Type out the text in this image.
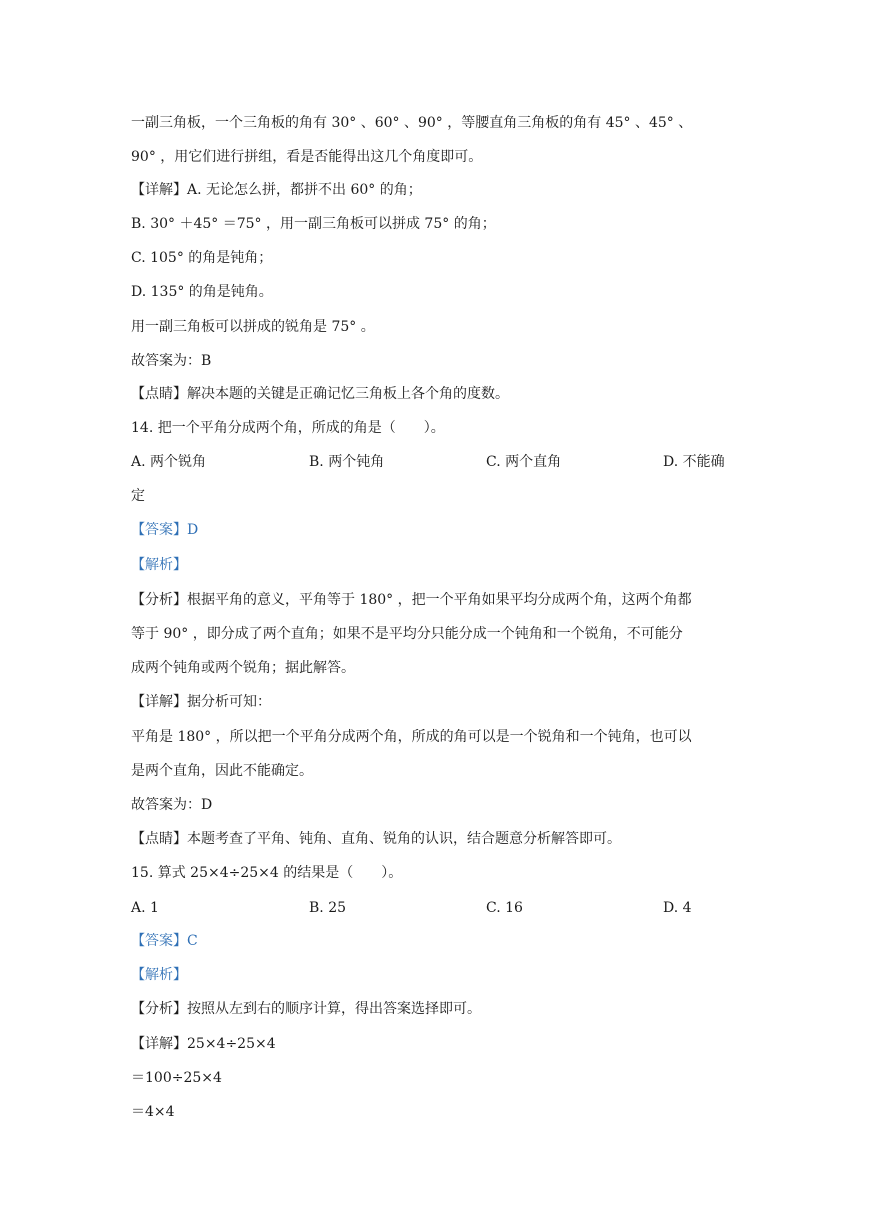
一副三角板，一个三角板的角有 30° 、60° 、90° ，等腰直角三角板的角有 45° 、45° 、
90° ，用它们进行拼组，看是否能得出这几个角度即可。
【详解】A. 无论怎么拼，都拼不出 60° 的角；
B. 30° ＋45° ＝75° ，用一副三角板可以拼成 75° 的角；
C. 105° 的角是钝角；
D. 135° 的角是钝角。
用一副三角板可以拼成的锐角是 75° 。
故答案为：B
【点睛】解决本题的关键是正确记忆三角板上各个角的度数。
14. 把一个平角分成两个角，所成的角是（　　）。
A. 两个锐角	B. 两个钝角	C. 两个直角	D. 不能确
定
【答案】D
【解析】
【分析】根据平角的意义，平角等于 180° ，把一个平角如果平均分成两个角，这两个角都
等于 90° ，即分成了两个直角；如果不是平均分只能分成一个钝角和一个锐角，不可能分
成两个钝角或两个锐角；据此解答。
【详解】据分析可知：
平角是 180° ，所以把一个平角分成两个角，所成的角可以是一个锐角和一个钝角，也可以
是两个直角，因此不能确定。
故答案为：D
【点睛】本题考查了平角、钝角、直角、锐角的认识，结合题意分析解答即可。
15. 算式 25×4÷25×4 的结果是（　　）。
A. 1	B. 25	C. 16	D. 4
【答案】C
【解析】
【分析】按照从左到右的顺序计算，得出答案选择即可。
【详解】25×4÷25×4
＝100÷25×4
＝4×4
